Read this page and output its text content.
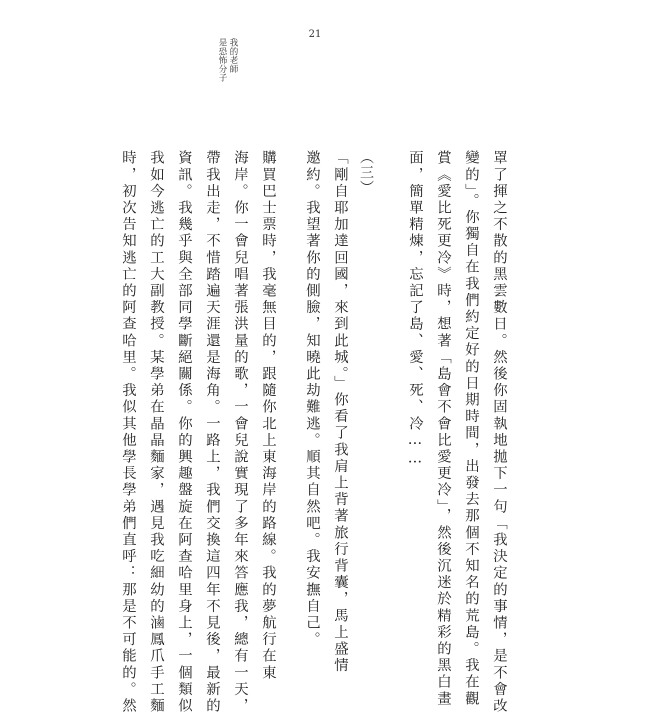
21
我的老師
是恐怖分子
（三）	罩了揮之不散的黑雲數日。然後你固執地拋下一句「我決定的事情，是不會改
變的」。你獨自在我們約定好的日期時間，出發去那個不知名的荒島。我在觀
賞《愛比死更冷》時，想著「島會不會比愛更冷」，然後沉迷於精彩的黑白畫
面，簡單精煉，忘記了島、愛、死、冷……
「剛自耶加達回國，來到此城。」你看了我肩上背著旅行背囊，馬上盛情
邀約。我望著你的側臉，知曉此劫難逃。順其自然吧。我安撫自己。
購買巴士票時，我毫無目的，跟隨你北上東海岸的路線。我的夢航行在東
海岸。你一會兒唱著張洪量的歌，一會兒說實現了多年來答應我，總有一天，
帶我出走，不惜踏遍天涯還是海角。一路上，我們交換這四年不見後，最新的
資訊。我幾乎與全部同學斷絕關係。你的興趣盤旋在阿查哈里身上，一個類似
我如今逃亡的工大副教授。某學弟在晶晶麵家，遇見我吃細幼的滷鳳爪手工麵
時，初次告知逃亡的阿查哈里。我似其他學長學弟們直呼：那是不可能的。然
